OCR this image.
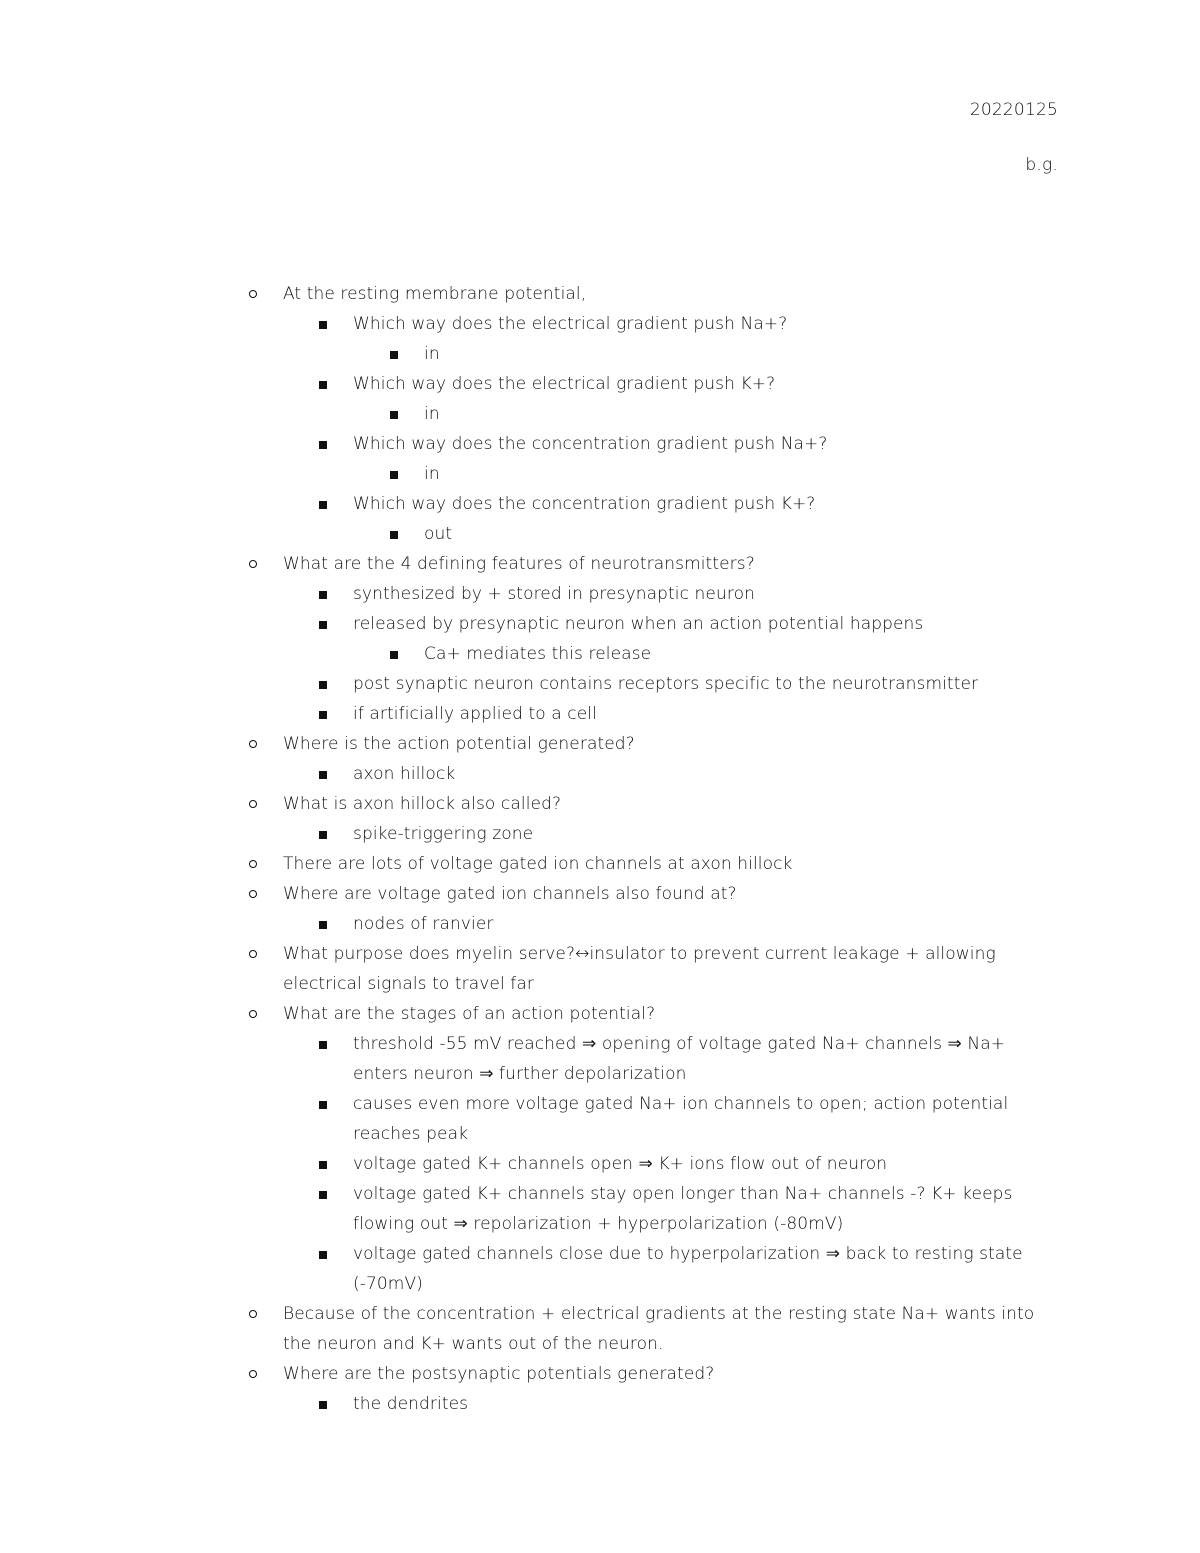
20220125
b.g.
At the resting membrane potential,
Which way does the electrical gradient push Na+?
in
Which way does the electrical gradient push K+?
in
Which way does the concentration gradient push Na+?
in
Which way does the concentration gradient push K+?
out
What are the 4 defining features of neurotransmitters?
synthesized by + stored in presynaptic neuron
released by presynaptic neuron when an action potential happens
Ca+ mediates this release
post synaptic neuron contains receptors specific to the neurotransmitter
if artificially applied to a cell
Where is the action potential generated?
axon hillock
What is axon hillock also called?
spike-triggering zone
There are lots of voltage gated ion channels at axon hillock
Where are voltage gated ion channels also found at?
nodes of ranvier
What purpose does myelin serve?↔insulator to prevent current leakage + allowing electrical signals to travel far
What are the stages of an action potential?
threshold -55 mV reached ⇒ opening of voltage gated Na+ channels ⇒ Na+ enters neuron ⇒ further depolarization
causes even more voltage gated Na+ ion channels to open; action potential reaches peak
voltage gated K+ channels open ⇒ K+ ions flow out of neuron
voltage gated K+ channels stay open longer than Na+ channels -? K+ keeps flowing out ⇒ repolarization + hyperpolarization (-80mV)
voltage gated channels close due to hyperpolarization ⇒ back to resting state (-70mV)
Because of the concentration + electrical gradients at the resting state Na+ wants into the neuron and K+ wants out of the neuron.
Where are the postsynaptic potentials generated?
the dendrites
